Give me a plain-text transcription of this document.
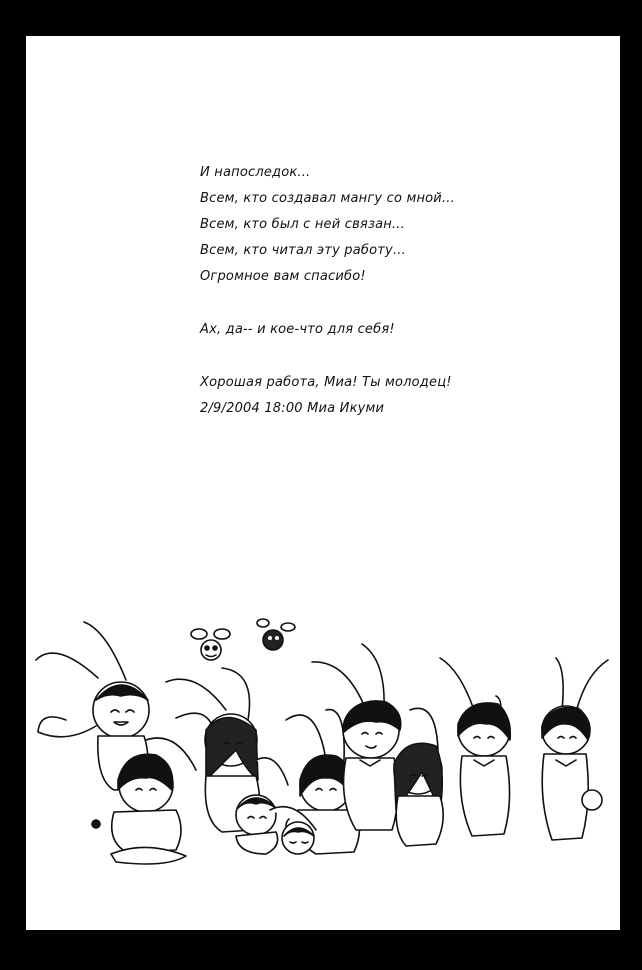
И напоследок...
Всем, кто создавал мангу со мной...
Всем, кто был с ней связан...
Всем, кто читал эту работу...
Огромное вам спасибо!
Ах, да-- и кое-что для себя!
Хорошая работа, Миа! Ты молодец!
2/9/2004 18:00 Миа Икуми
